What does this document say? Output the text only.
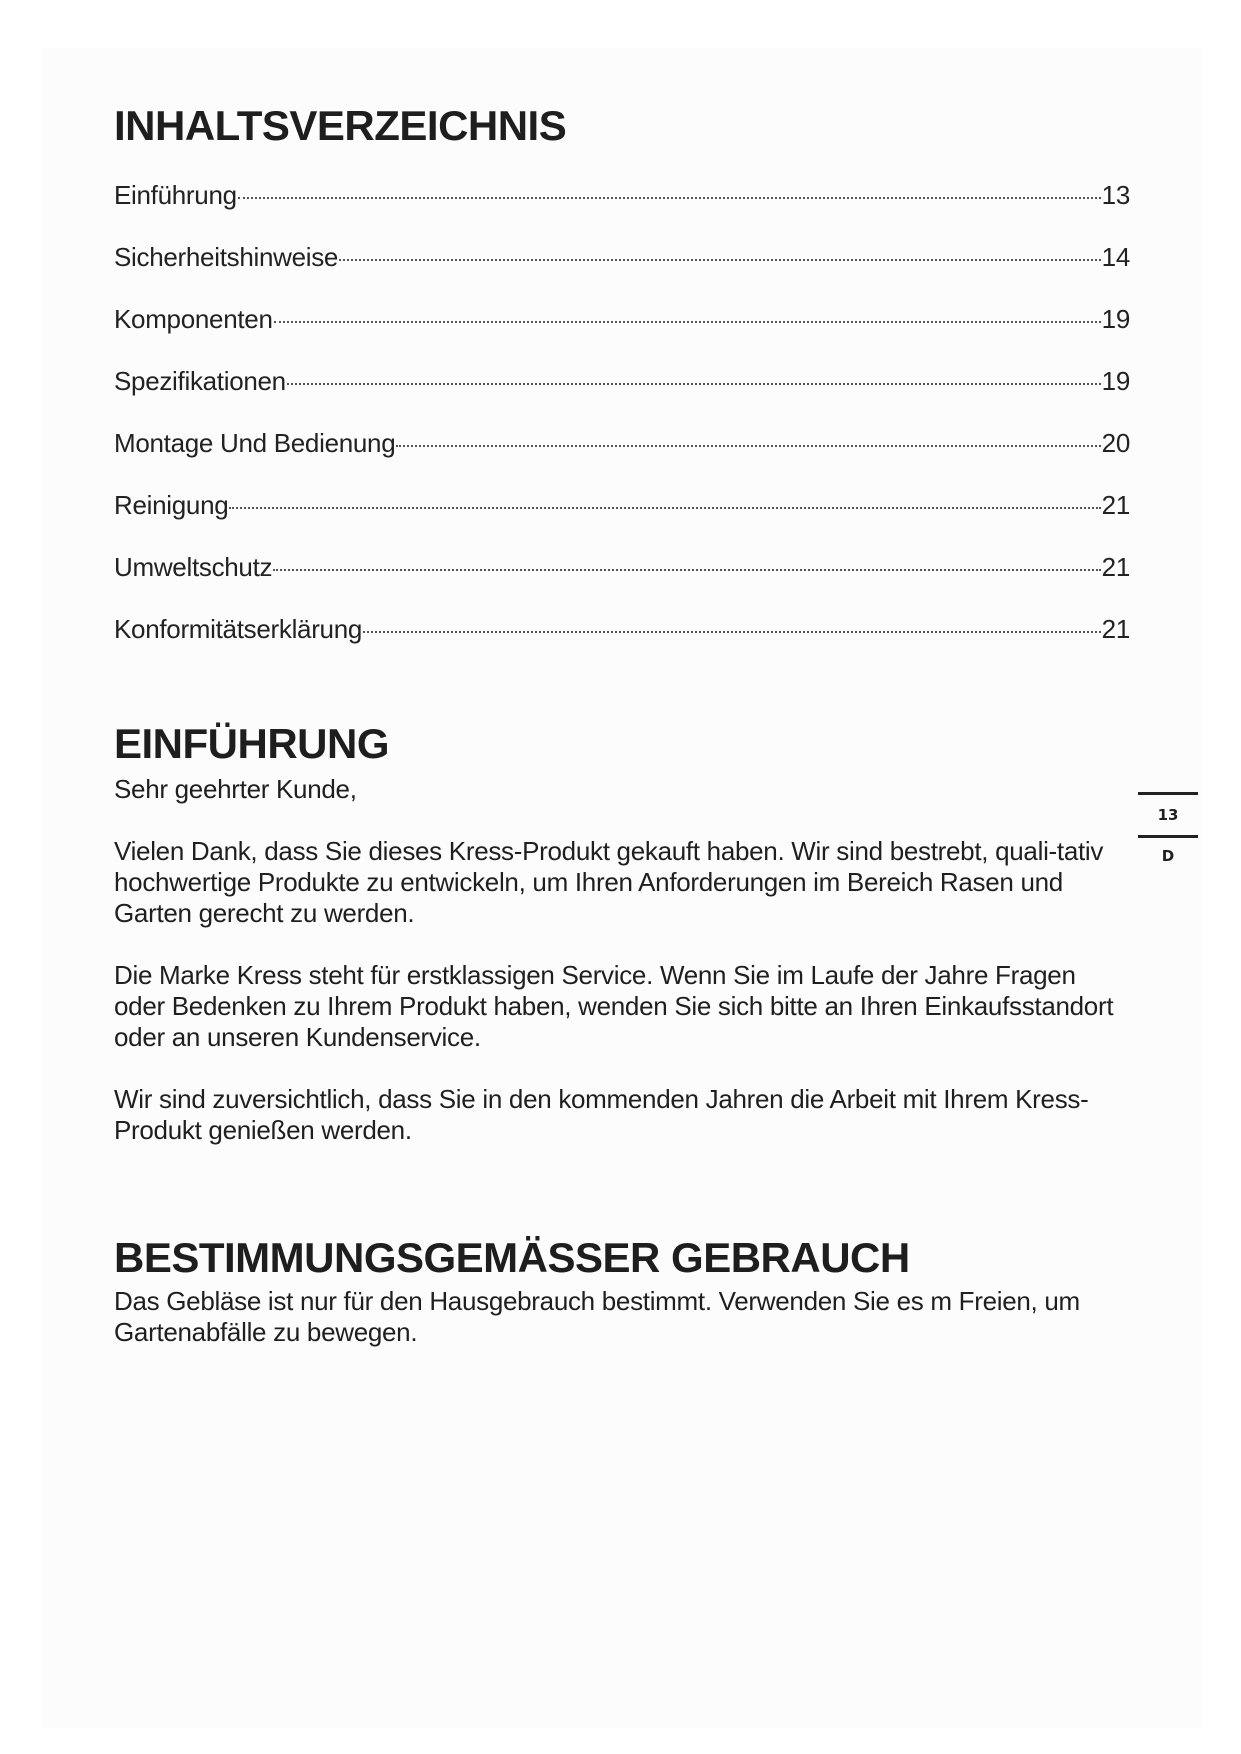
INHALTSVERZEICHNIS
Einführung	13
Sicherheitshinweise	14
Komponenten	19
Spezifikationen	19
Montage Und Bedienung	20
Reinigung	21
Umweltschutz	21
Konformitätserklärung	21
EINFÜHRUNG

Sehr geehrter Kunde,

Vielen Dank, dass Sie dieses Kress-Produkt gekauft haben. Wir sind bestrebt, quali-tativ hochwertige Produkte zu entwickeln, um Ihren Anforderungen im Bereich Rasen und Garten gerecht zu werden.

Die Marke Kress steht für erstklassigen Service. Wenn Sie im Laufe der Jahre Fragen oder Bedenken zu Ihrem Produkt haben, wenden Sie sich bitte an Ihren Einkaufsstandort oder an unseren Kundenservice.

Wir sind zuversichtlich, dass Sie in den kommenden Jahren die Arbeit mit Ihrem Kress-Produkt genießen werden.

BESTIMMUNGSGEMÄSSER GEBRAUCH

Das Gebläse ist nur für den Hausgebrauch bestimmt. Verwenden Sie es m Freien, um Gartenabfälle zu bewegen.

13
D
